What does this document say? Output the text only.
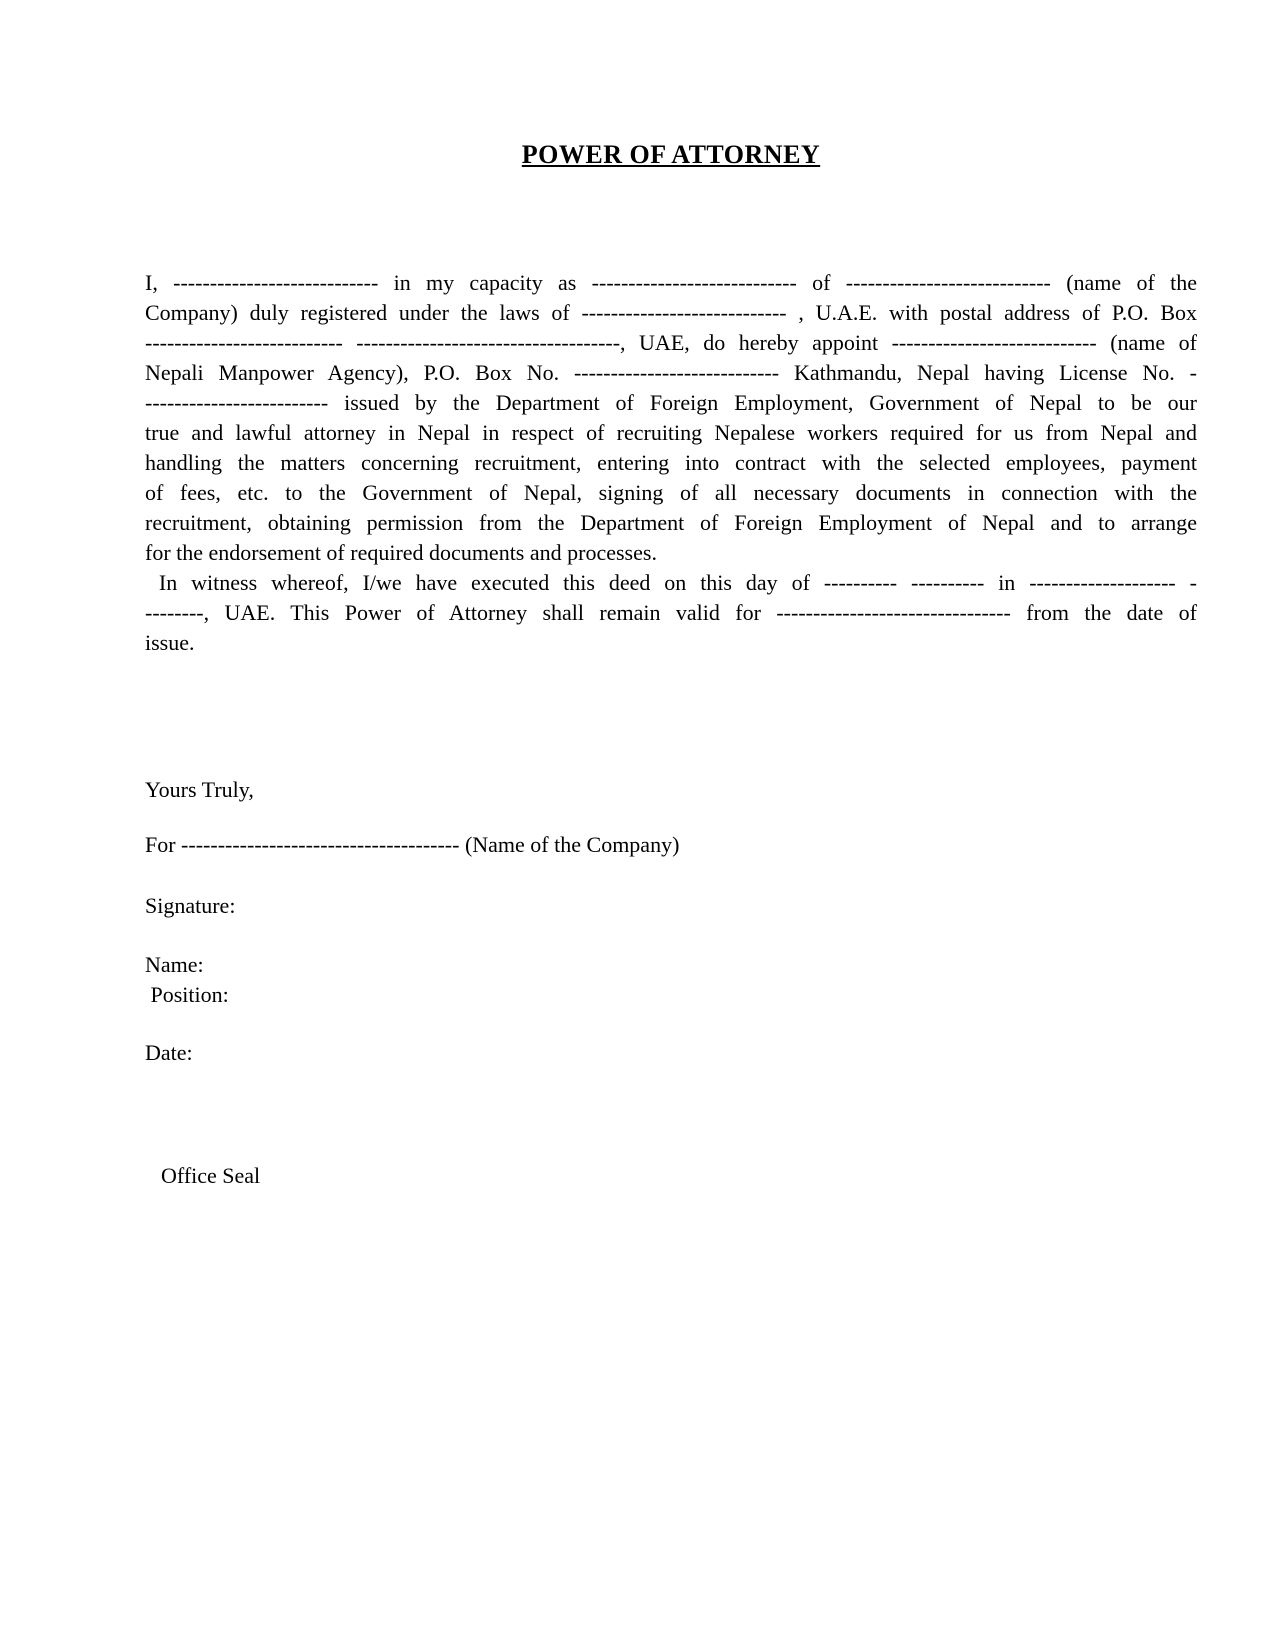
POWER OF ATTORNEY
I, ---------------------------- in my capacity as ---------------------------- of ---------------------------- (name of the
Company) duly registered under the laws of ---------------------------- , U.A.E. with postal address of P.O. Box
--------------------------- ------------------------------------, UAE, do hereby appoint ---------------------------- (name of
Nepali Manpower Agency), P.O. Box No. ---------------------------- Kathmandu, Nepal having License No. -
------------------------- issued by the Department of Foreign Employment, Government of Nepal to be our
true and lawful attorney in Nepal in respect of recruiting Nepalese workers required for us from Nepal and
handling the matters concerning recruitment, entering into contract with the selected employees, payment
of fees, etc. to the Government of Nepal, signing of all necessary documents in connection with the
recruitment, obtaining permission from the Department of Foreign Employment of Nepal and to arrange
for the endorsement of required documents and processes.
In witness whereof, I/we have executed this deed on this day of ---------- ---------- in -------------------- -
--------, UAE. This Power of Attorney shall remain valid for -------------------------------- from the date of
issue.
Yours Truly,
For -------------------------------------- (Name of the Company)
Signature:
Name:
Position:
Date:
Office Seal
